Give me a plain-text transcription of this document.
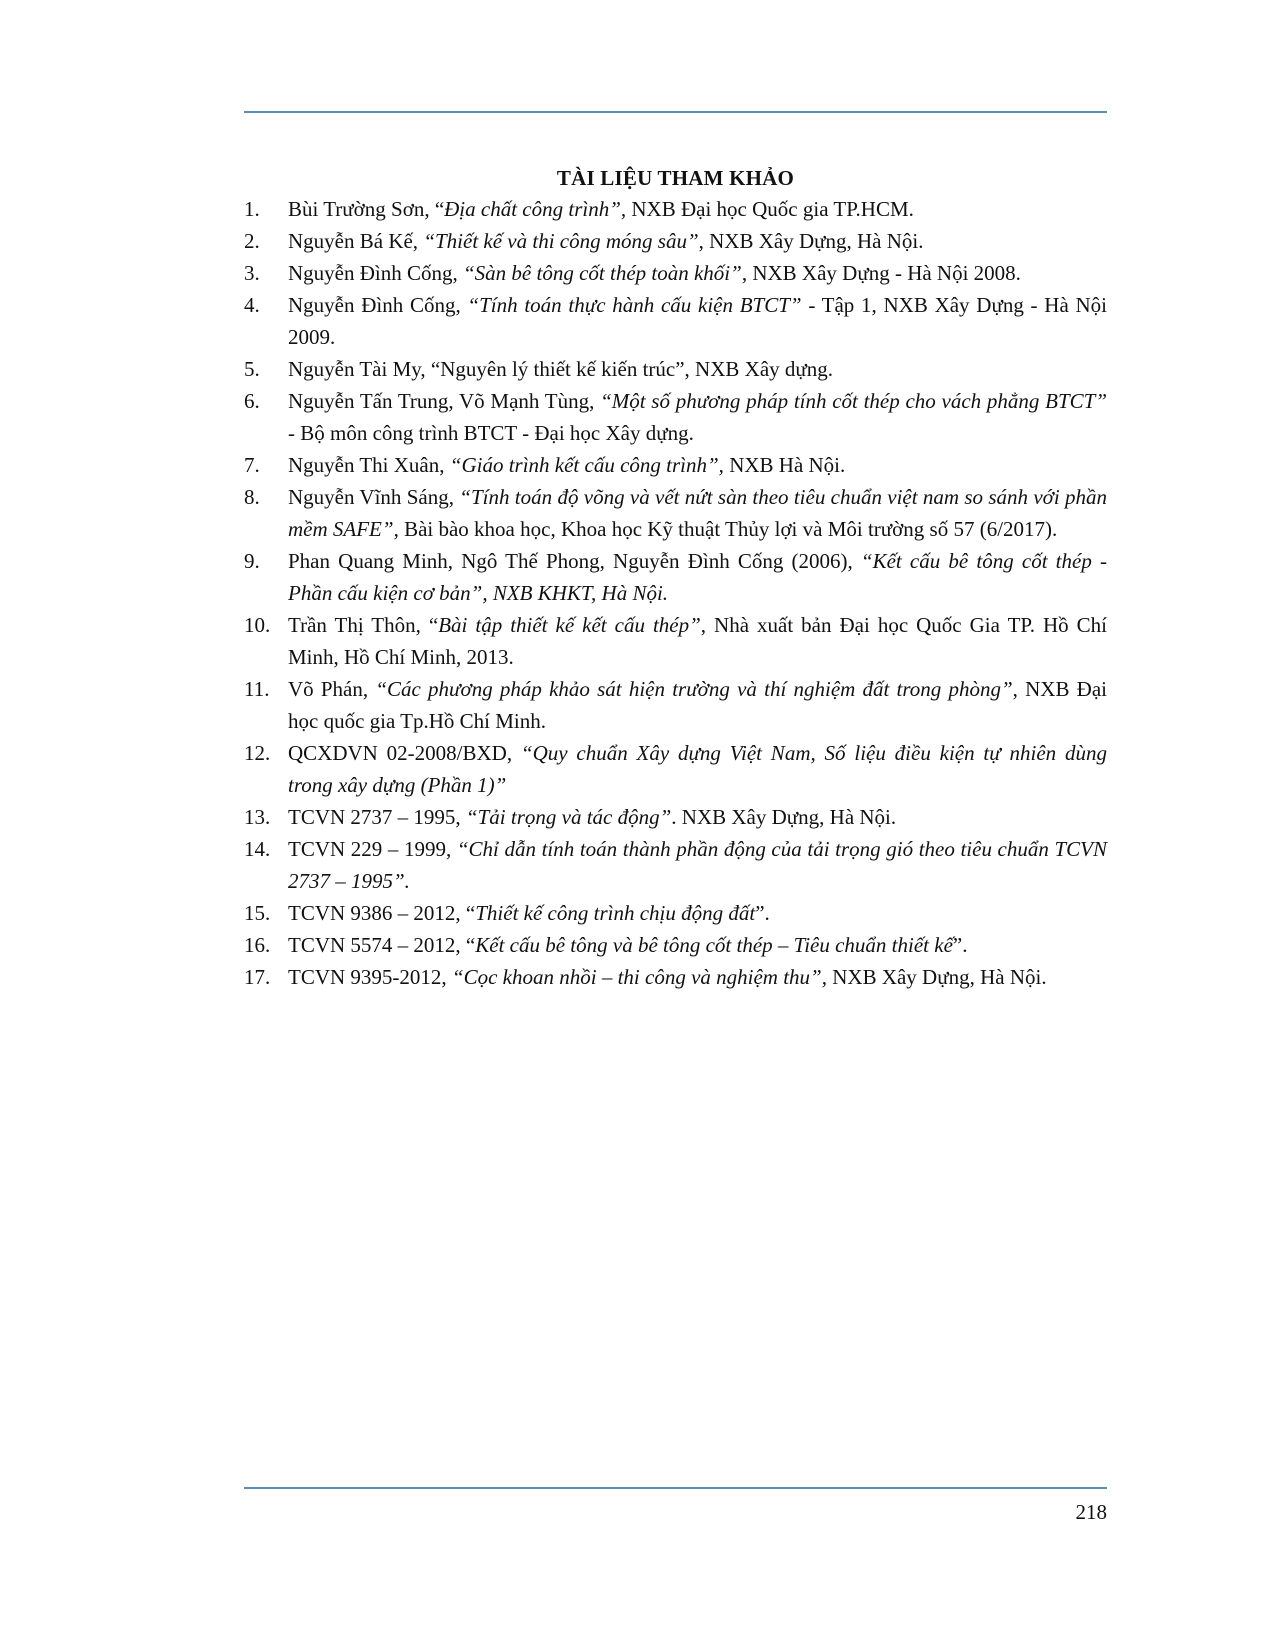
TÀI LIỆU THAM KHẢO
1. Bùi Trường Sơn, “Địa chất công trình”, NXB Đại học Quốc gia TP.HCM.
2. Nguyễn Bá Kế, “Thiết kế và thi công móng sâu”, NXB Xây Dựng, Hà Nội.
3. Nguyễn Đình Cống, “Sàn bê tông cốt thép toàn khối”, NXB Xây Dựng - Hà Nội 2008.
4. Nguyễn Đình Cống, “Tính toán thực hành cấu kiện BTCT” - Tập 1, NXB Xây Dựng - Hà Nội 2009.
5. Nguyễn Tài My, “Nguyên lý thiết kế kiến trúc”, NXB Xây dựng.
6. Nguyễn Tấn Trung, Võ Mạnh Tùng, “Một số phương pháp tính cốt thép cho vách phẳng BTCT” - Bộ môn công trình BTCT - Đại học Xây dựng.
7. Nguyễn Thi Xuân, “Giáo trình kết cấu công trình”, NXB Hà Nội.
8. Nguyễn Vĩnh Sáng, “Tính toán độ võng và vết nứt sàn theo tiêu chuẩn việt nam so sánh với phần mềm SAFE”, Bài bào khoa học, Khoa học Kỹ thuật Thủy lợi và Môi trường số 57 (6/2017).
9. Phan Quang Minh, Ngô Thế Phong, Nguyễn Đình Cống (2006), “Kết cấu bê tông cốt thép - Phần cấu kiện cơ bản”, NXB KHKT, Hà Nội.
10. Trần Thị Thôn, “Bài tập thiết kế kết cấu thép”, Nhà xuất bản Đại học Quốc Gia TP. Hồ Chí Minh, Hồ Chí Minh, 2013.
11. Võ Phán, “Các phương pháp khảo sát hiện trường và thí nghiệm đất trong phòng”, NXB Đại học quốc gia Tp.Hồ Chí Minh.
12. QCXDVN 02-2008/BXD, “Quy chuẩn Xây dựng Việt Nam, Số liệu điều kiện tự nhiên dùng trong xây dựng (Phần 1)”
13. TCVN 2737 – 1995, “Tải trọng và tác động”. NXB Xây Dựng, Hà Nội.
14. TCVN 229 – 1999, “Chỉ dẫn tính toán thành phần động của tải trọng gió theo tiêu chuẩn TCVN 2737 – 1995”.
15. TCVN 9386 – 2012, “Thiết kế công trình chịu động đất”.
16. TCVN 5574 – 2012, “Kết cấu bê tông và bê tông cốt thép – Tiêu chuẩn thiết kế”.
17. TCVN 9395-2012, “Cọc khoan nhồi – thi công và nghiệm thu”, NXB Xây Dựng, Hà Nội.
218
